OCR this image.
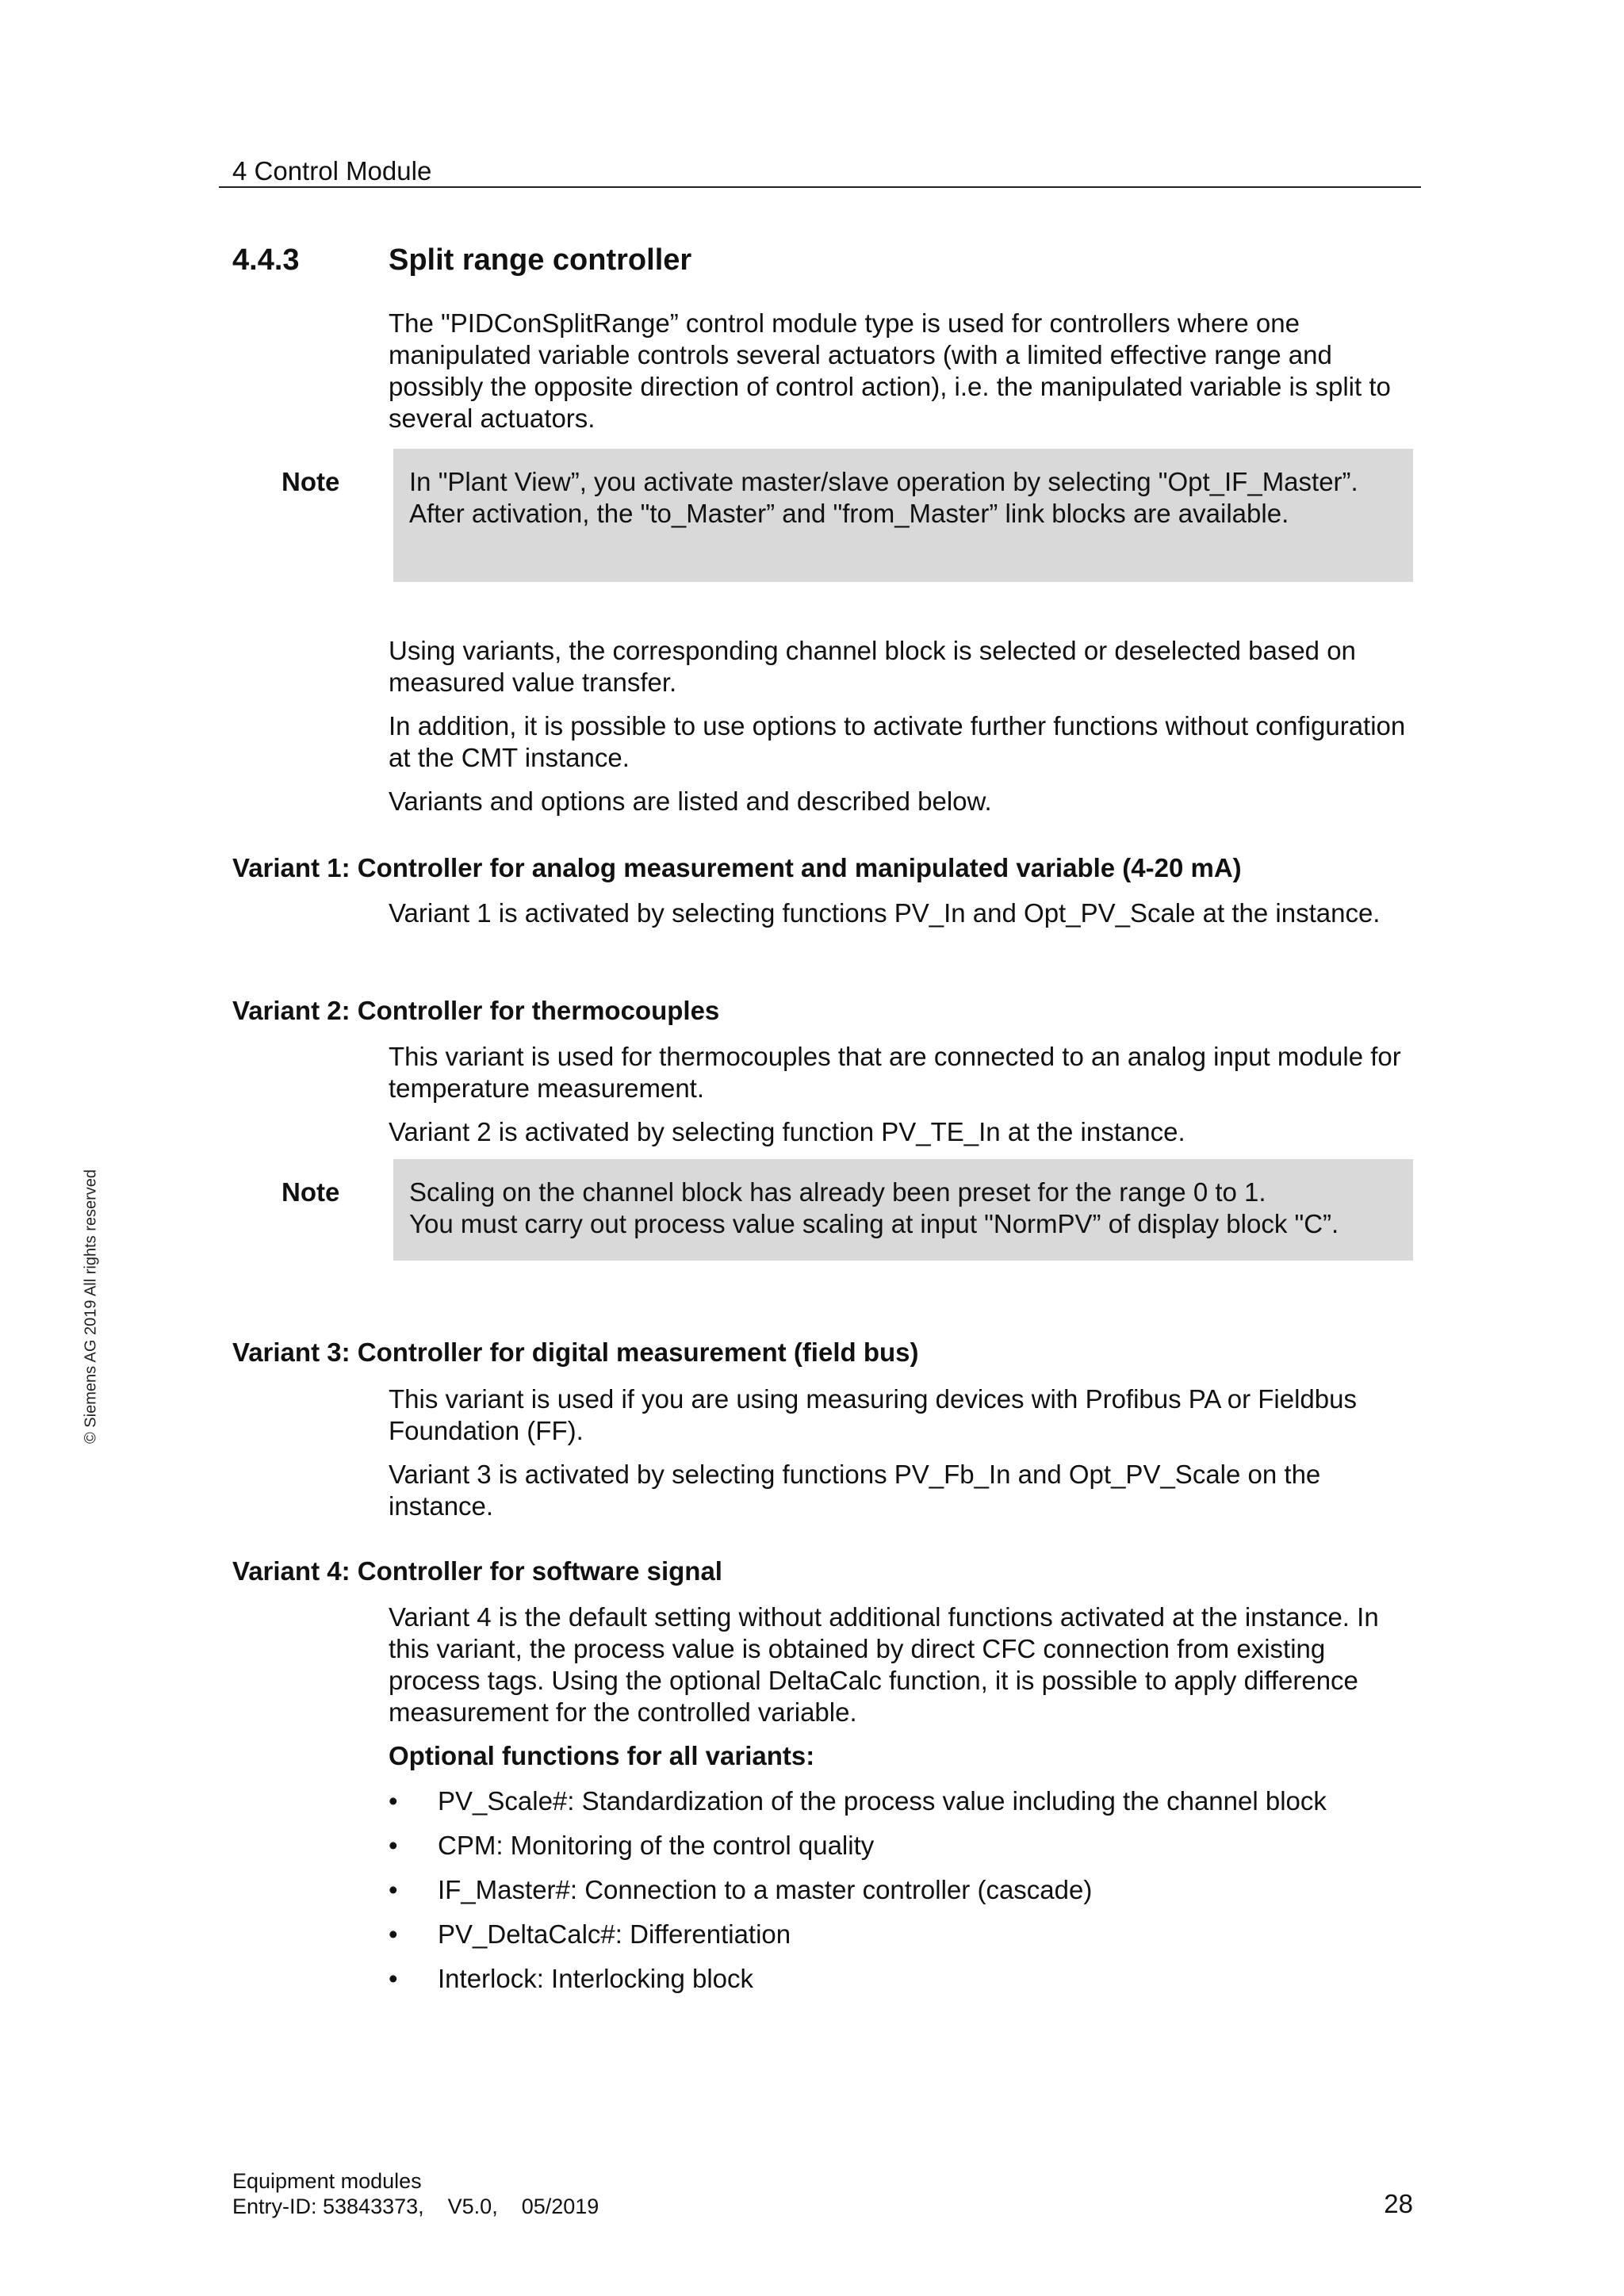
4 Control Module
4.4.3	Split range controller

The "PIDConSplitRange” control module type is used for controllers where one manipulated variable controls several actuators (with a limited effective range and possibly the opposite direction of control action), i.e. the manipulated variable is split to several actuators.

Note	In "Plant View”, you activate master/slave operation by selecting "Opt_IF_Master”. After activation, the "to_Master” and "from_Master” link blocks are available.

Using variants, the corresponding channel block is selected or deselected based on measured value transfer.

In addition, it is possible to use options to activate further functions without configuration at the CMT instance.

Variants and options are listed and described below.

Variant 1: Controller for analog measurement and manipulated variable (4-20 mA)

Variant 1 is activated by selecting functions PV_In and Opt_PV_Scale at the instance.

Variant 2: Controller for thermocouples

This variant is used for thermocouples that are connected to an analog input module for temperature measurement.

Variant 2 is activated by selecting function PV_TE_In at the instance.

Note	Scaling on the channel block has already been preset for the range 0 to 1.
You must carry out process value scaling at input "NormPV” of display block "C”.
Variant 3: Controller for digital measurement (field bus)

This variant is used if you are using measuring devices with Profibus PA or Fieldbus Foundation (FF).

Variant 3 is activated by selecting functions PV_Fb_In and Opt_PV_Scale on the instance.

Variant 4: Controller for software signal

Variant 4 is the default setting without additional functions activated at the instance. In this variant, the process value is obtained by direct CFC connection from existing process tags. Using the optional DeltaCalc function, it is possible to apply difference measurement for the controlled variable.

Optional functions for all variants:
•	PV_Scale#: Standardization of the process value including the channel block
•	CPM: Monitoring of the control quality
•	IF_Master#: Connection to a master controller (cascade)
•	PV_DeltaCalc#: Differentiation
•	Interlock: Interlocking block
© Siemens AG 2019 All rights reserved
Equipment modules
Entry-ID: 53843373,    V5.0,    05/2019	28
